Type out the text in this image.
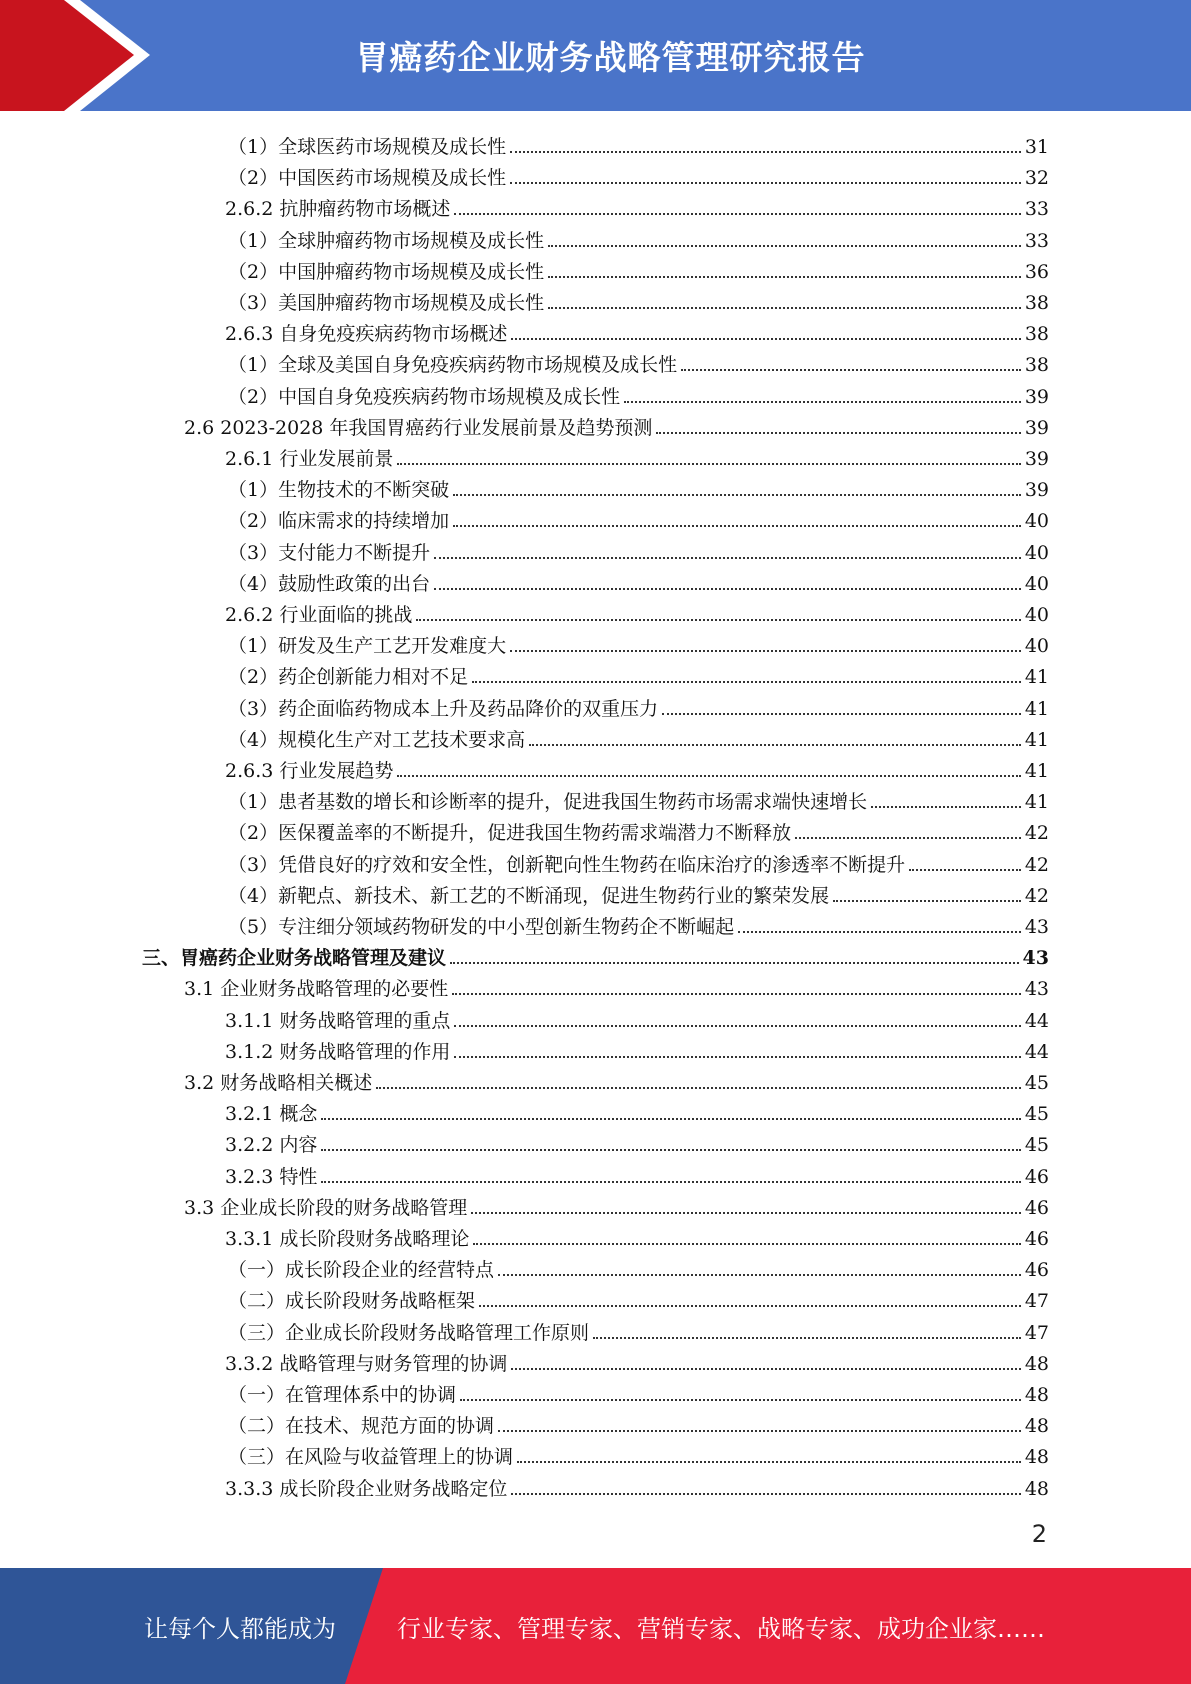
胃癌药企业财务战略管理研究报告
（1）全球医药市场规模及成长性	31
（2）中国医药市场规模及成长性	32
2.6.2 抗肿瘤药物市场概述	33
（1）全球肿瘤药物市场规模及成长性	33
（2）中国肿瘤药物市场规模及成长性	36
（3）美国肿瘤药物市场规模及成长性	38
2.6.3 自身免疫疾病药物市场概述	38
（1）全球及美国自身免疫疾病药物市场规模及成长性	38
（2）中国自身免疫疾病药物市场规模及成长性	39
2.6 2023-2028 年我国胃癌药行业发展前景及趋势预测	39
2.6.1 行业发展前景	39
（1）生物技术的不断突破	39
（2）临床需求的持续增加	40
（3）支付能力不断提升	40
（4）鼓励性政策的出台	40
2.6.2 行业面临的挑战	40
（1）研发及生产工艺开发难度大	40
（2）药企创新能力相对不足	41
（3）药企面临药物成本上升及药品降价的双重压力	41
（4）规模化生产对工艺技术要求高	41
2.6.3 行业发展趋势	41
（1）患者基数的增长和诊断率的提升，促进我国生物药市场需求端快速增长	41
（2）医保覆盖率的不断提升，促进我国生物药需求端潜力不断释放	42
（3）凭借良好的疗效和安全性，创新靶向性生物药在临床治疗的渗透率不断提升	42
（4）新靶点、新技术、新工艺的不断涌现，促进生物药行业的繁荣发展	42
（5）专注细分领域药物研发的中小型创新生物药企不断崛起	43
三、胃癌药企业财务战略管理及建议	43
3.1 企业财务战略管理的必要性	43
3.1.1 财务战略管理的重点	44
3.1.2 财务战略管理的作用	44
3.2 财务战略相关概述	45
3.2.1 概念	45
3.2.2 内容	45
3.2.3 特性	46
3.3 企业成长阶段的财务战略管理	46
3.3.1 成长阶段财务战略理论	46
（一）成长阶段企业的经营特点	46
（二）成长阶段财务战略框架	47
（三）企业成长阶段财务战略管理工作原则	47
3.3.2 战略管理与财务管理的协调	48
（一）在管理体系中的协调	48
（二）在技术、规范方面的协调	48
（三）在风险与收益管理上的协调	48
3.3.3 成长阶段企业财务战略定位	48
2
让每个人都能成为	行业专家、管理专家、营销专家、战略专家、成功企业家……
